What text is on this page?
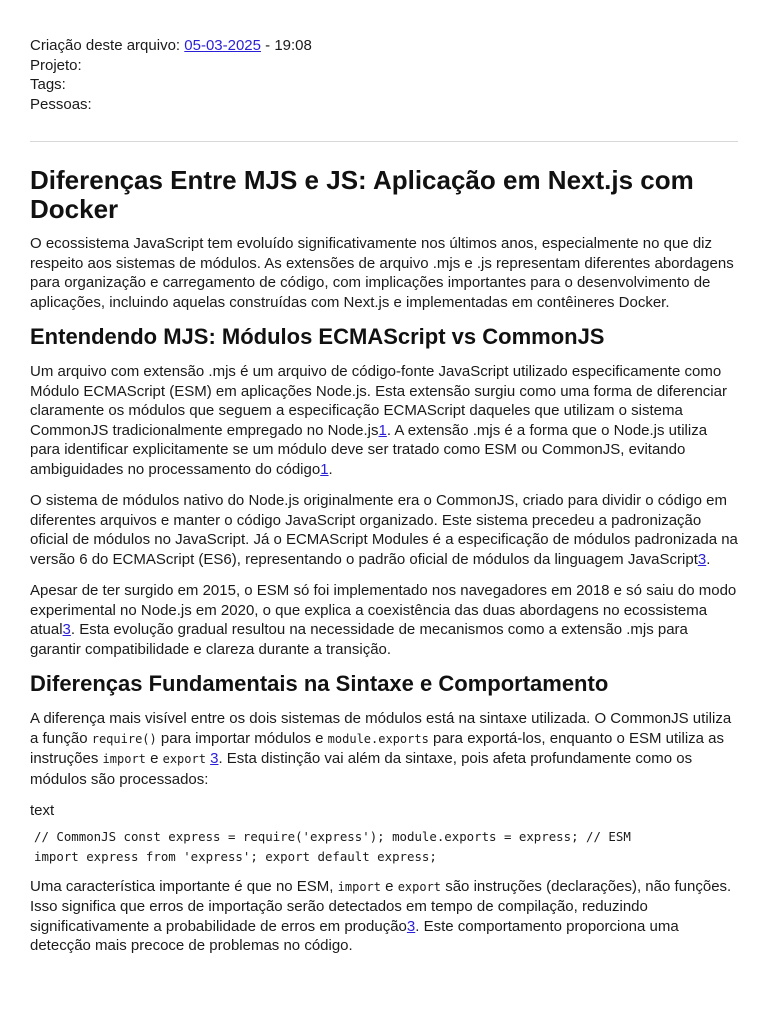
Criação deste arquivo: 05-03-2025 - 19:08
Projeto:
Tags:
Pessoas:
Diferenças Entre MJS e JS: Aplicação em Next.js com Docker

O ecossistema JavaScript tem evoluído significativamente nos últimos anos, especialmente no que diz respeito aos sistemas de módulos. As extensões de arquivo .mjs e .js representam diferentes abordagens para organização e carregamento de código, com implicações importantes para o desenvolvimento de aplicações, incluindo aquelas construídas com Next.js e implementadas em contêineres Docker.

Entendendo MJS: Módulos ECMAScript vs CommonJS

Um arquivo com extensão .mjs é um arquivo de código-fonte JavaScript utilizado especificamente como Módulo ECMAScript (ESM) em aplicações Node.js. Esta extensão surgiu como uma forma de diferenciar claramente os módulos que seguem a especificação ECMAScript daqueles que utilizam o sistema CommonJS tradicionalmente empregado no Node.js1. A extensão .mjs é a forma que o Node.js utiliza para identificar explicitamente se um módulo deve ser tratado como ESM ou CommonJS, evitando ambiguidades no processamento do código1.

O sistema de módulos nativo do Node.js originalmente era o CommonJS, criado para dividir o código em diferentes arquivos e manter o código JavaScript organizado. Este sistema precedeu a padronização oficial de módulos no JavaScript. Já o ECMAScript Modules é a especificação de módulos padronizada na versão 6 do ECMAScript (ES6), representando o padrão oficial de módulos da linguagem JavaScript3.

Apesar de ter surgido em 2015, o ESM só foi implementado nos navegadores em 2018 e só saiu do modo experimental no Node.js em 2020, o que explica a coexistência das duas abordagens no ecossistema atual3. Esta evolução gradual resultou na necessidade de mecanismos como a extensão .mjs para garantir compatibilidade e clareza durante a transição.

Diferenças Fundamentais na Sintaxe e Comportamento

A diferença mais visível entre os dois sistemas de módulos está na sintaxe utilizada. O CommonJS utiliza a função require() para importar módulos e module.exports para exportá-los, enquanto o ESM utiliza as instruções import e export 3. Esta distinção vai além da sintaxe, pois afeta profundamente como os módulos são processados:

text

// CommonJS const express = require('express'); module.exports = express; // ESM
import express from 'express'; export default express;

Uma característica importante é que no ESM, import e export são instruções (declarações), não funções. Isso significa que erros de importação serão detectados em tempo de compilação, reduzindo significativamente a probabilidade de erros em produção3. Este comportamento proporciona uma detecção mais precoce de problemas no código.
